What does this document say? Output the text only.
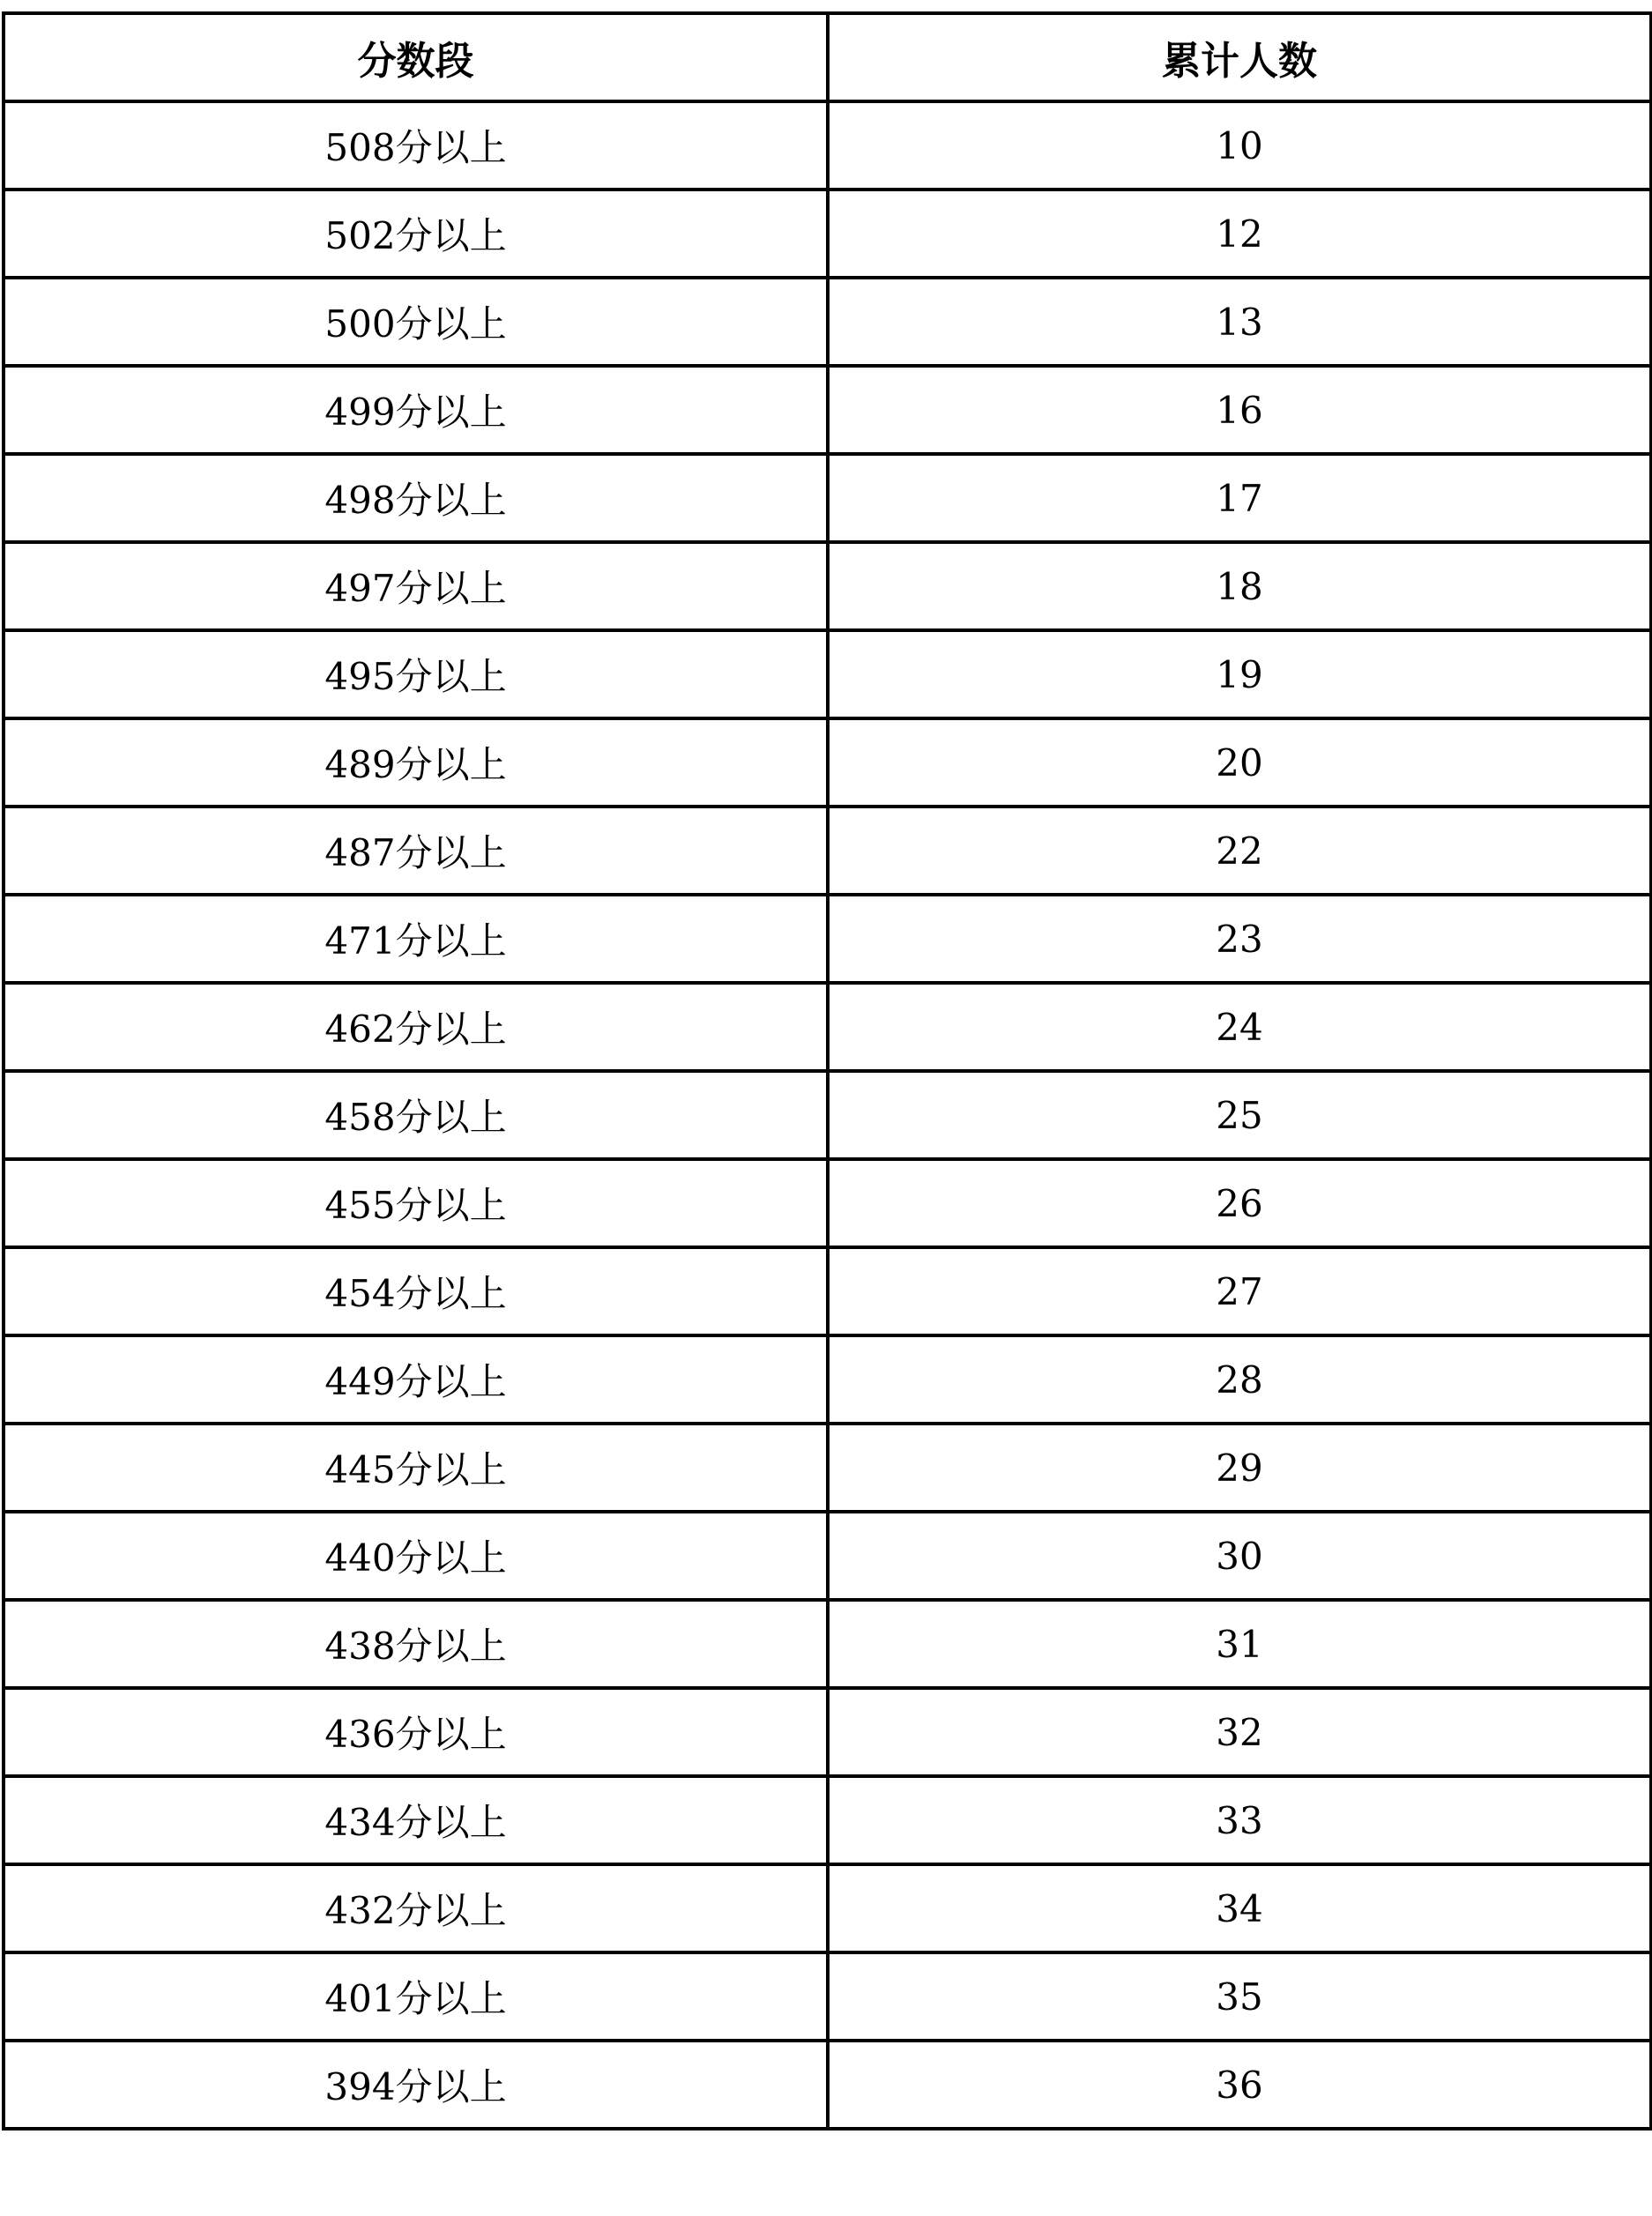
分数段	累计人数
508分以上	10
502分以上	12
500分以上	13
499分以上	16
498分以上	17
497分以上	18
495分以上	19
489分以上	20
487分以上	22
471分以上	23
462分以上	24
458分以上	25
455分以上	26
454分以上	27
449分以上	28
445分以上	29
440分以上	30
438分以上	31
436分以上	32
434分以上	33
432分以上	34
401分以上	35
394分以上	36
